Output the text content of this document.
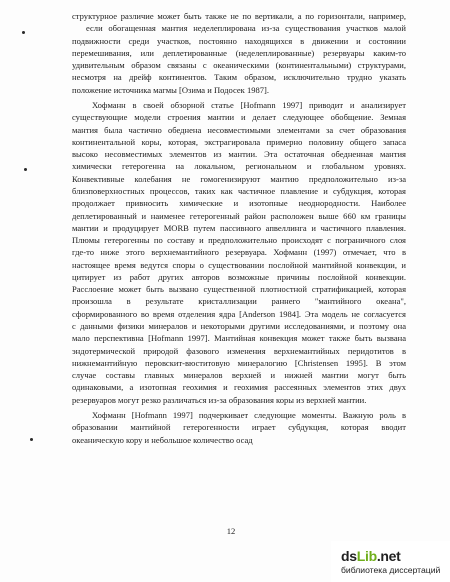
структурное различие может быть также не по вертикали, а по горизонтали, например,
если обогащенная мантия неделеплирована из-за существования участков малой
подвижности среди участков, постоянно находящихся в движении и состоянии
перемешивания, или деплетированные (неделеплированные) резервуары каким-то
удивительным образом связаны с океаническими (континентальными) структурами,
несмотря на дрейф континентов. Таким образом, исключительно трудно указать
положение источника магмы [Озима и Подосек 1987].
Хофманн в своей обзорной статье [Hofmann 1997] приводит и анализирует
существующие модели строения мантии и делает следующее обобщение. Земная
мантия была частично обеднена несовместимыми элементами за счет образования
континентальной коры, которая, экстрагировала примерно половину общего запаса
высоко несовместимых элементов из мантии. Эта остаточная обедненная мантия
химически гетерогенна на локальном, региональном и глобальном уровнях.
Конвективные колебания не гомогенизируют мантию предположительно из-за
близповерхностных процессов, таких как частичное плавление и субдукция, которая
продолжает привносить химические и изотопные неоднородности. Наиболее
деплетированный и наименее гетерогенный район расположен выше 660 км границы
мантии и продуцирует MORB путем пассивного апвеллинга и частичного плавления.
Плюмы гетерогенны по составу и предположительно происходят с пограничного слоя
где-то ниже этого верхнемантийного резервуара. Хофманн (1997) отмечает, что в
настоящее время ведутся споры о существовании послойной мантийной конвекции, и
цитирует из работ других авторов возможные причины послойной конвекции.
Расслоение может быть вызвано существенной плотностной стратификацией, которая
произошла в результате кристаллизации раннего "мантийного океана",
сформированного во время отделения ядра [Anderson 1984]. Эта модель не согласуется
с данными физики минералов и некоторыми другими исследованиями, и поэтому она
мало перспективна [Hofmann 1997]. Мантийная конвекция может также быть вызвана
эндотермической природой фазового изменения верхнемантийных перидотитов в
нижнемантийную перовскит-вюститовую минералогию [Christensen 1995]. В этом
случае составы главных минералов верхней и нижней мантии могут быть
одинаковыми, а изотопная геохимия и геохимия рассеянных элементов этих двух
резервуаров могут резко различаться из-за образования коры из верхней мантии.
Хофманн [Hofmann 1997] подчеркивает следующие моменты. Важную роль в
образовании мантийной гетерогенности играет субдукция, которая вводит
океаническую кору и небольшое количество осад
12
dsLib.net
библиотека диссертаций
